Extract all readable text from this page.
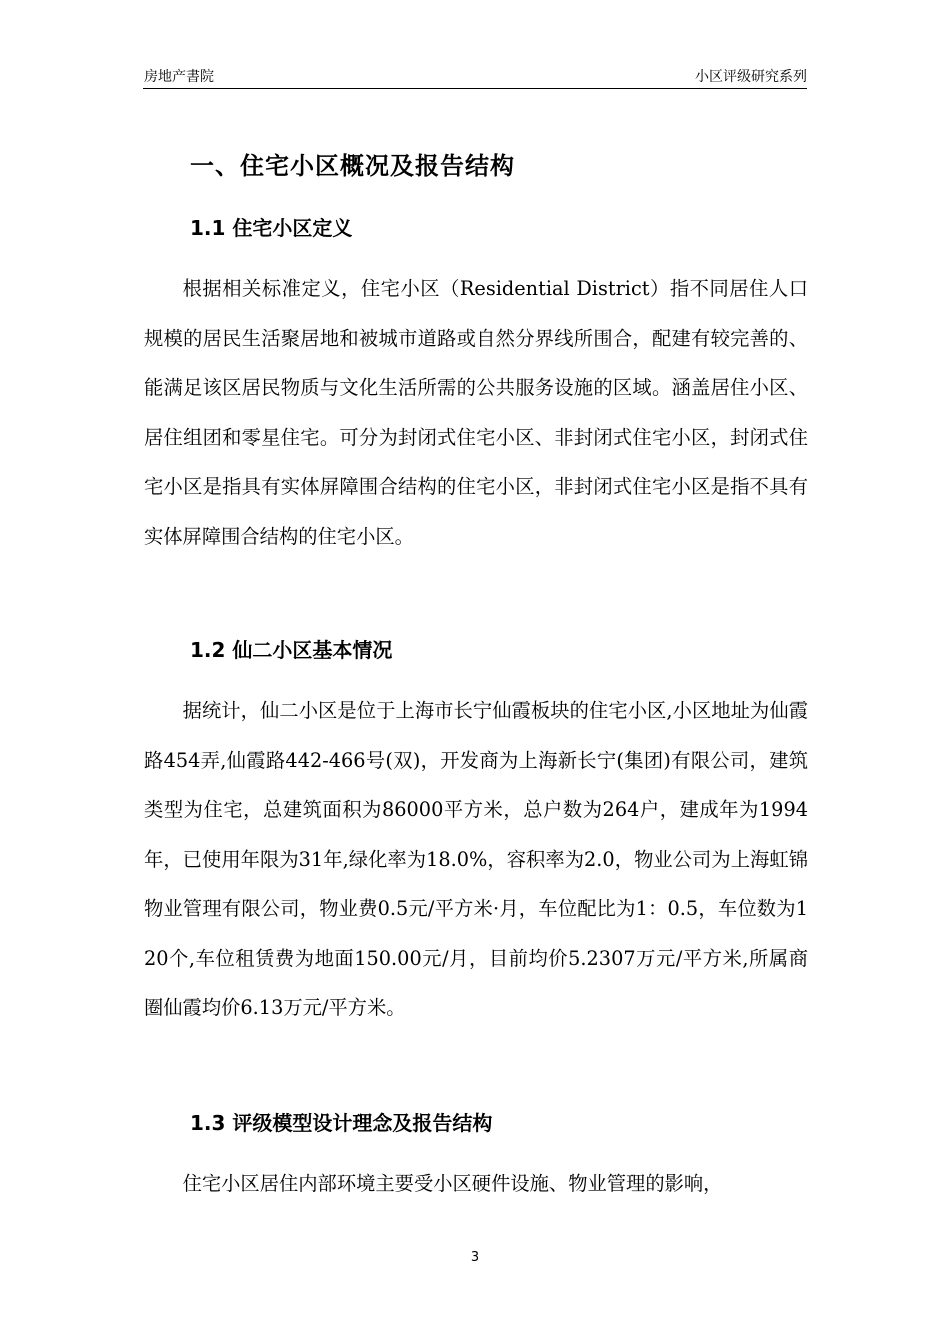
房地产書院	小区评级研究系列
一、住宅小区概况及报告结构
1.1 住宅小区定义

根据相关标准定义，住宅小区（Residential District）指不同居住人口规模的居民生活聚居地和被城市道路或自然分界线所围合，配建有较完善的、能满足该区居民物质与文化生活所需的公共服务设施的区域。涵盖居住小区、居住组团和零星住宅。可分为封闭式住宅小区、非封闭式住宅小区，封闭式住宅小区是指具有实体屏障围合结构的住宅小区，非封闭式住宅小区是指不具有实体屏障围合结构的住宅小区。

1.2 仙二小区基本情况

据统计，仙二小区是位于上海市长宁仙霞板块的住宅小区,小区地址为仙霞路454弄,仙霞路442-466号(双)，开发商为上海新长宁(集团)有限公司，建筑类型为住宅，总建筑面积为86000平方米，总户数为264户，建成年为1994年，已使用年限为31年,绿化率为18.0%，容积率为2.0，物业公司为上海虹锦物业管理有限公司，物业费0.5元/平方米·月，车位配比为1：0.5，车位数为120个,车位租赁费为地面150.00元/月，目前均价5.2307万元/平方米,所属商圈仙霞均价6.13万元/平方米。

1.3 评级模型设计理念及报告结构

住宅小区居住内部环境主要受小区硬件设施、物业管理的影响，

3
